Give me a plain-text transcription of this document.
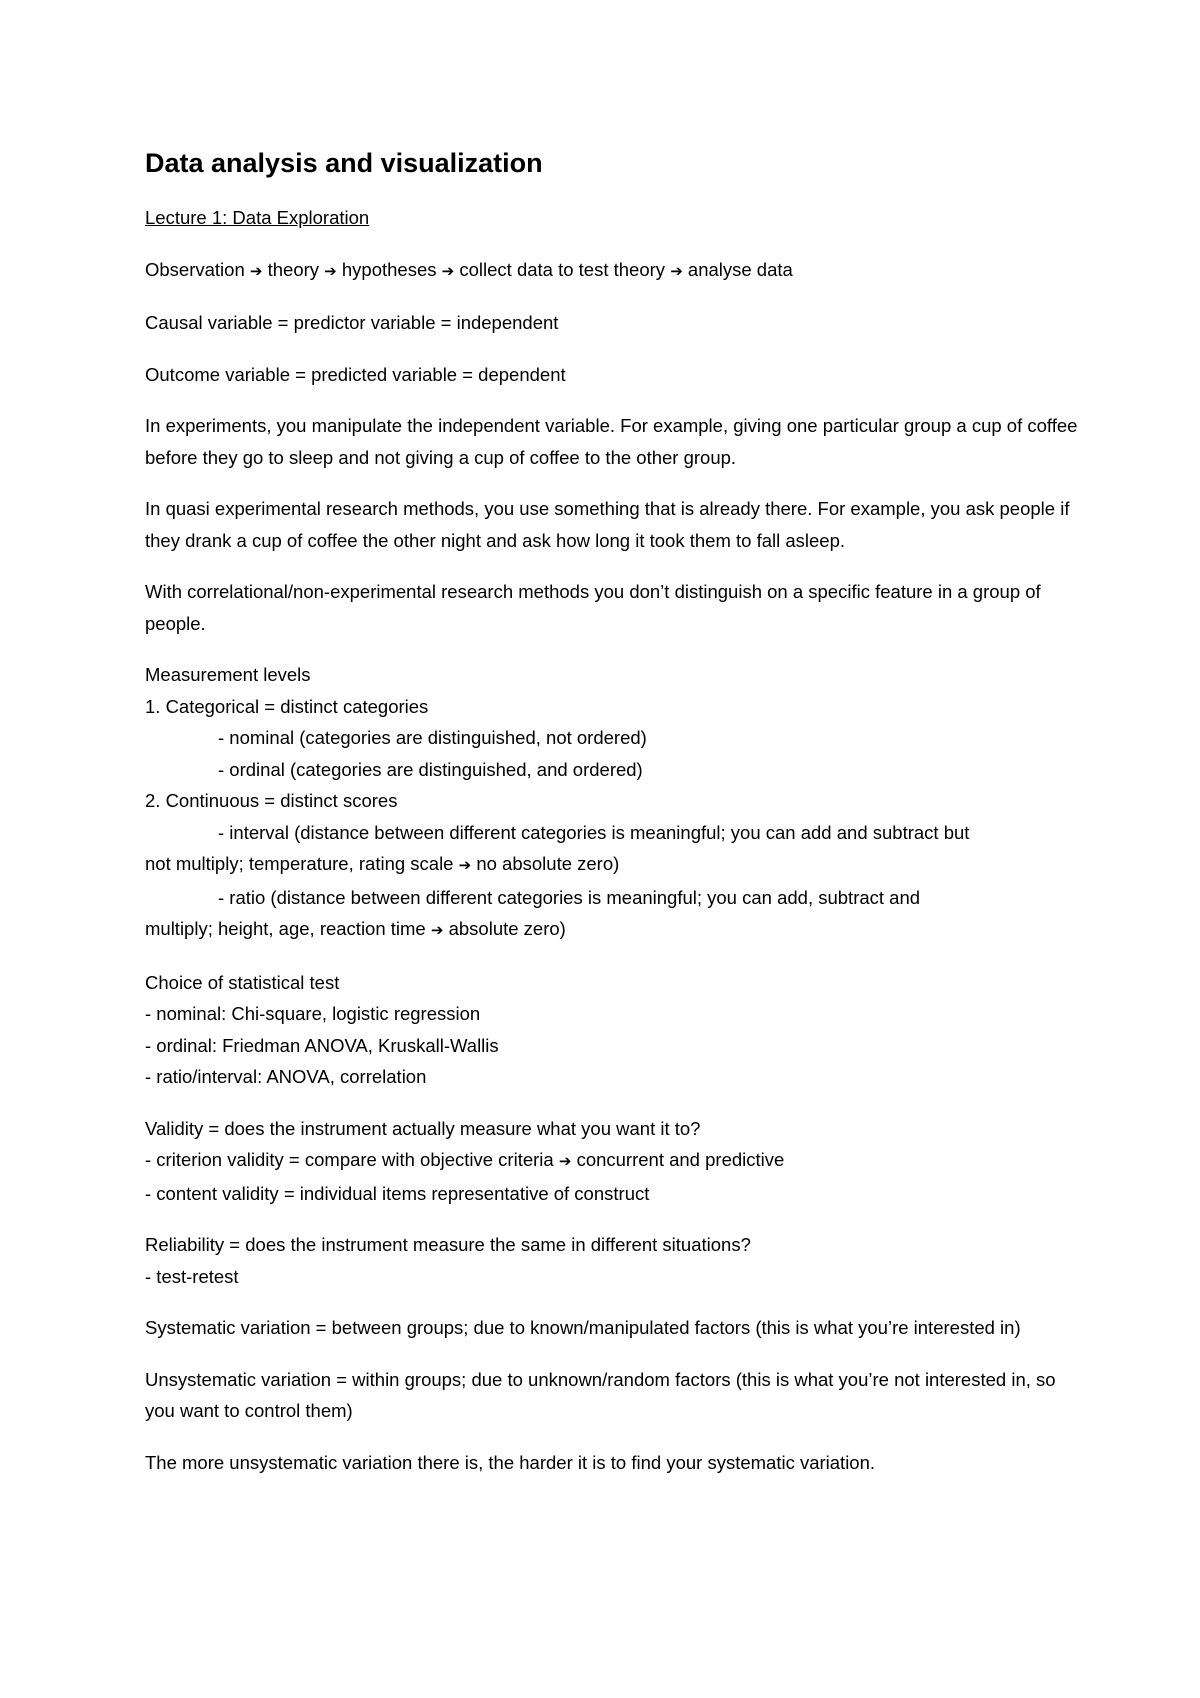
Data analysis and visualization
Lecture 1: Data Exploration
Observation ➔ theory ➔ hypotheses ➔ collect data to test theory ➔ analyse data
Causal variable = predictor variable = independent
Outcome variable = predicted variable = dependent
In experiments, you manipulate the independent variable. For example, giving one particular group a cup of coffee before they go to sleep and not giving a cup of coffee to the other group.
In quasi experimental research methods, you use something that is already there. For example, you ask people if they drank a cup of coffee the other night and ask how long it took them to fall asleep.
With correlational/non-experimental research methods you don’t distinguish on a specific feature in a group of people.
Measurement levels
1. Categorical = distinct categories
- nominal (categories are distinguished, not ordered)
- ordinal (categories are distinguished, and ordered)
2. Continuous = distinct scores
- interval (distance between different categories is meaningful; you can add and subtract but
not multiply; temperature, rating scale ➔ no absolute zero)
- ratio (distance between different categories is meaningful; you can add, subtract and
multiply; height, age, reaction time ➔ absolute zero)
Choice of statistical test
- nominal: Chi-square, logistic regression
- ordinal: Friedman ANOVA, Kruskall-Wallis
- ratio/interval: ANOVA, correlation
Validity = does the instrument actually measure what you want it to?
- criterion validity = compare with objective criteria ➔ concurrent and predictive
- content validity = individual items representative of construct
Reliability = does the instrument measure the same in different situations?
- test-retest
Systematic variation = between groups; due to known/manipulated factors (this is what you’re interested in)
Unsystematic variation = within groups; due to unknown/random factors (this is what you’re not interested in, so you want to control them)
The more unsystematic variation there is, the harder it is to find your systematic variation.
